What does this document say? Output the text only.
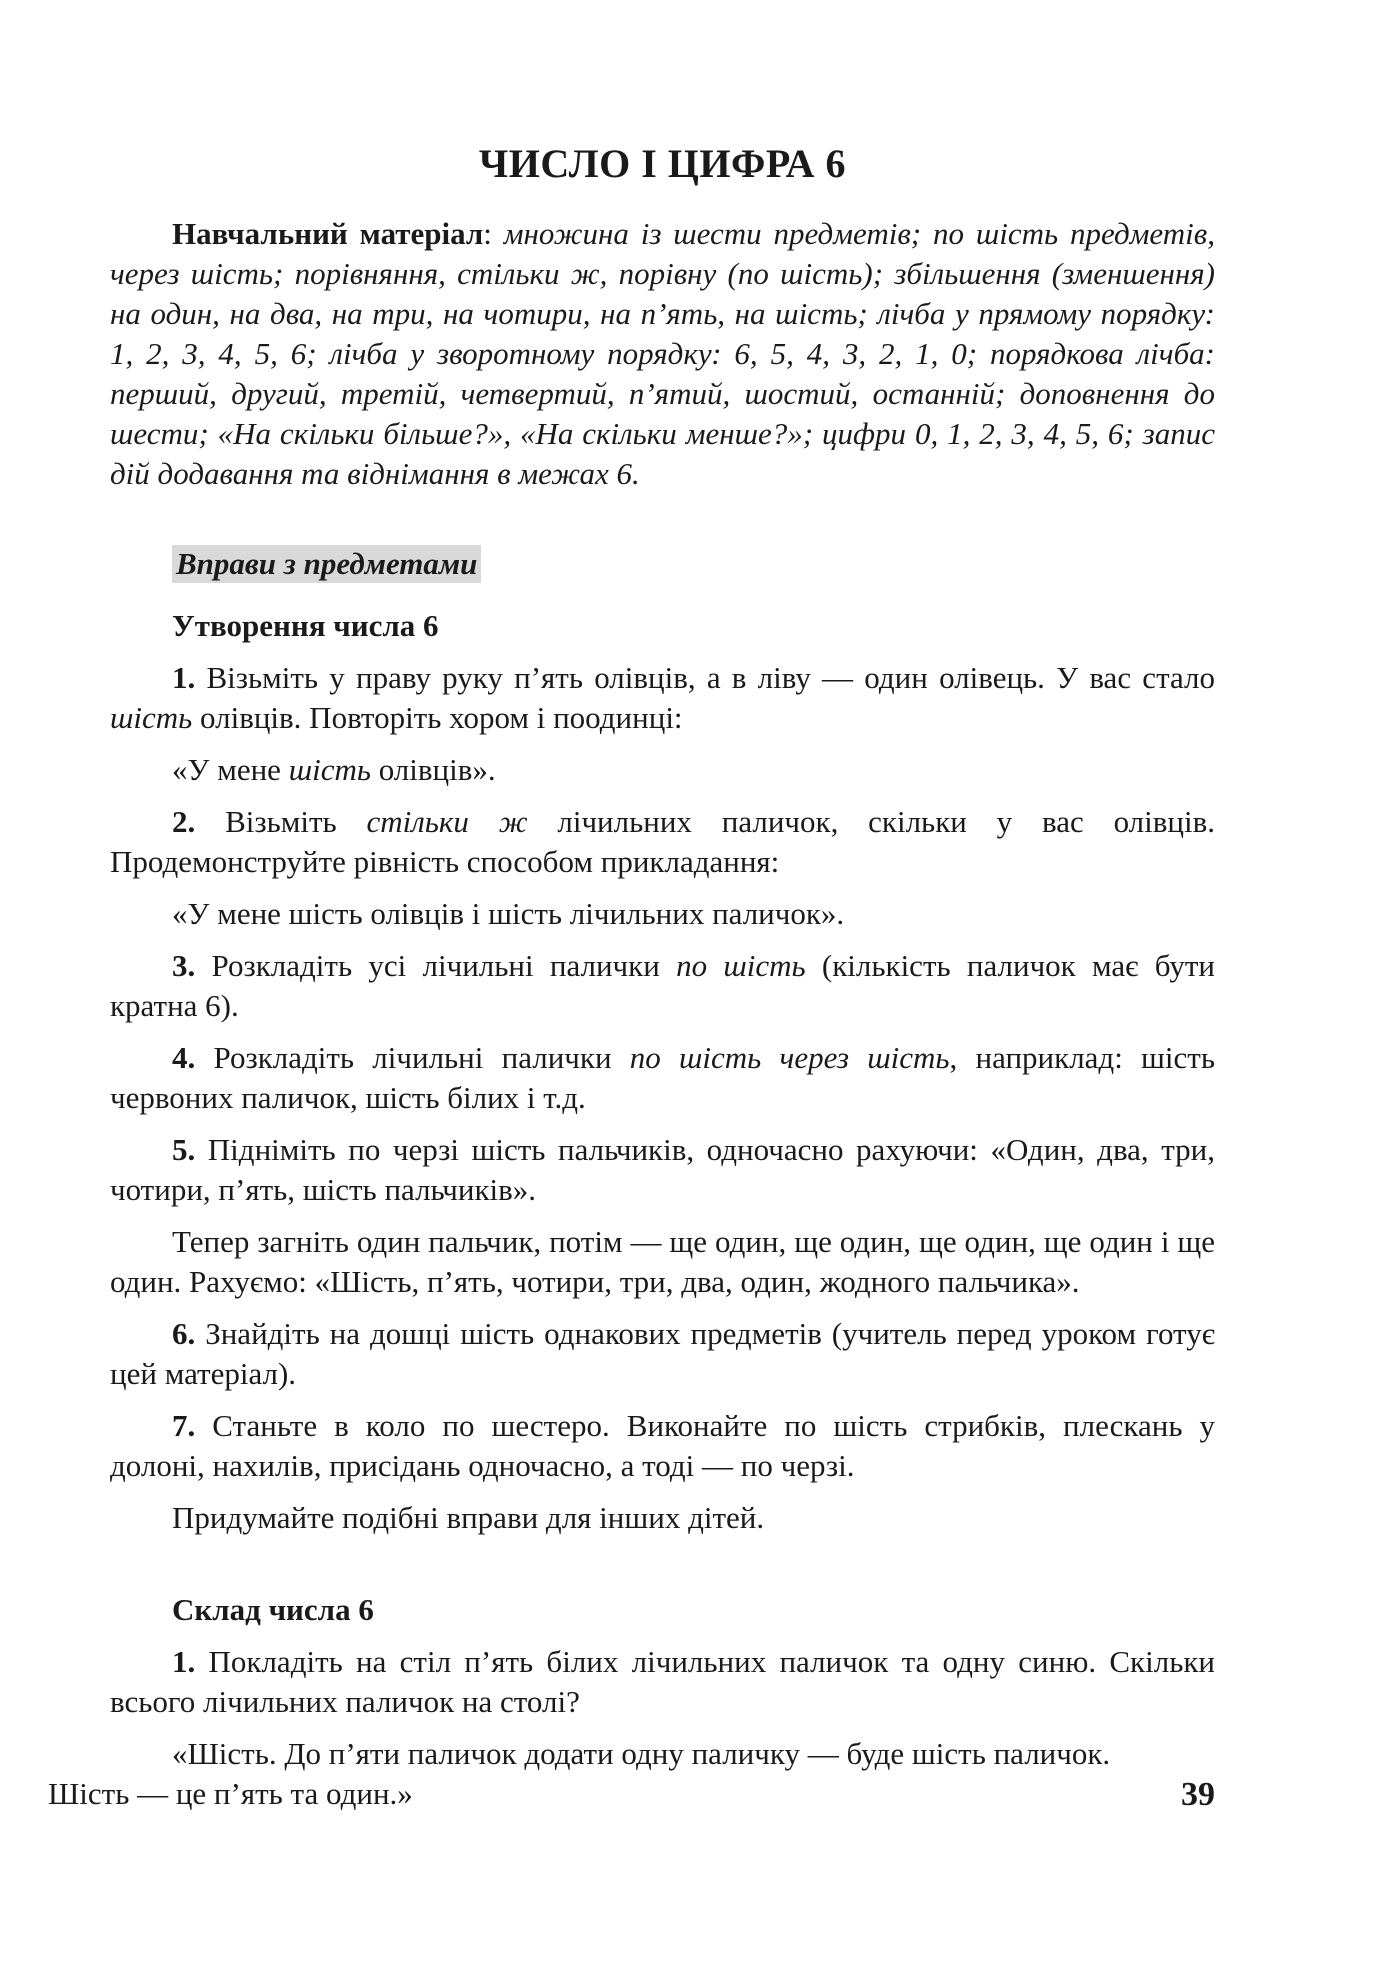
ЧИСЛО І ЦИФРА 6

Навчальний матеріал: множина із шести предметів; по шість предметів, через шість; порівняння, стільки ж, порівну (по шість); збільшення (зменшення) на один, на два, на три, на чотири, на п’ять, на шість; лічба у прямому порядку: 1, 2, 3, 4, 5, 6; лічба у зворотному порядку: 6, 5, 4, 3, 2, 1, 0; порядкова лічба: перший, другий, третій, четвертий, п’ятий, шостий, останній; доповнення до шести; «На скільки більше?», «На скільки менше?»; цифри 0, 1, 2, 3, 4, 5, 6; запис дій додавання та віднімання в межах 6.

Вправи з предметами

Утворення числа 6

1. Візьміть у праву руку п’ять олівців, а в ліву — один олівець. У вас стало шість олівців. Повторіть хором і поодинці:

«У мене шість олівців».

2. Візьміть стільки ж лічильних паличок, скільки у вас олівців. Продемонструйте рівність способом прикладання:

«У мене шість олівців і шість лічильних паличок».

3. Розкладіть усі лічильні палички по шість (кількість паличок має бути кратна 6).

4. Розкладіть лічильні палички по шість через шість, наприклад: шість червоних паличок, шість білих і т.д.

5. Підніміть по черзі шість пальчиків, одночасно рахуючи: «Один, два, три, чотири, п’ять, шість пальчиків».

Тепер загніть один пальчик, потім — ще один, ще один, ще один, ще один і ще один. Рахуємо: «Шість, п’ять, чотири, три, два, один, жодного пальчика».

6. Знайдіть на дошці шість однакових предметів (учитель перед уроком готує цей матеріал).

7. Станьте в коло по шестеро. Виконайте по шість стрибків, плескань у долоні, нахилів, присідань одночасно, а тоді — по черзі.

Придумайте подібні вправи для інших дітей.

Склад числа 6

1. Покладіть на стіл п’ять білих лічильних паличок та одну синю. Скільки всього лічильних паличок на столі?

«Шість. До п’яти паличок додати одну паличку — буде шість паличок.
Шість — це п’ять та один.»	39
